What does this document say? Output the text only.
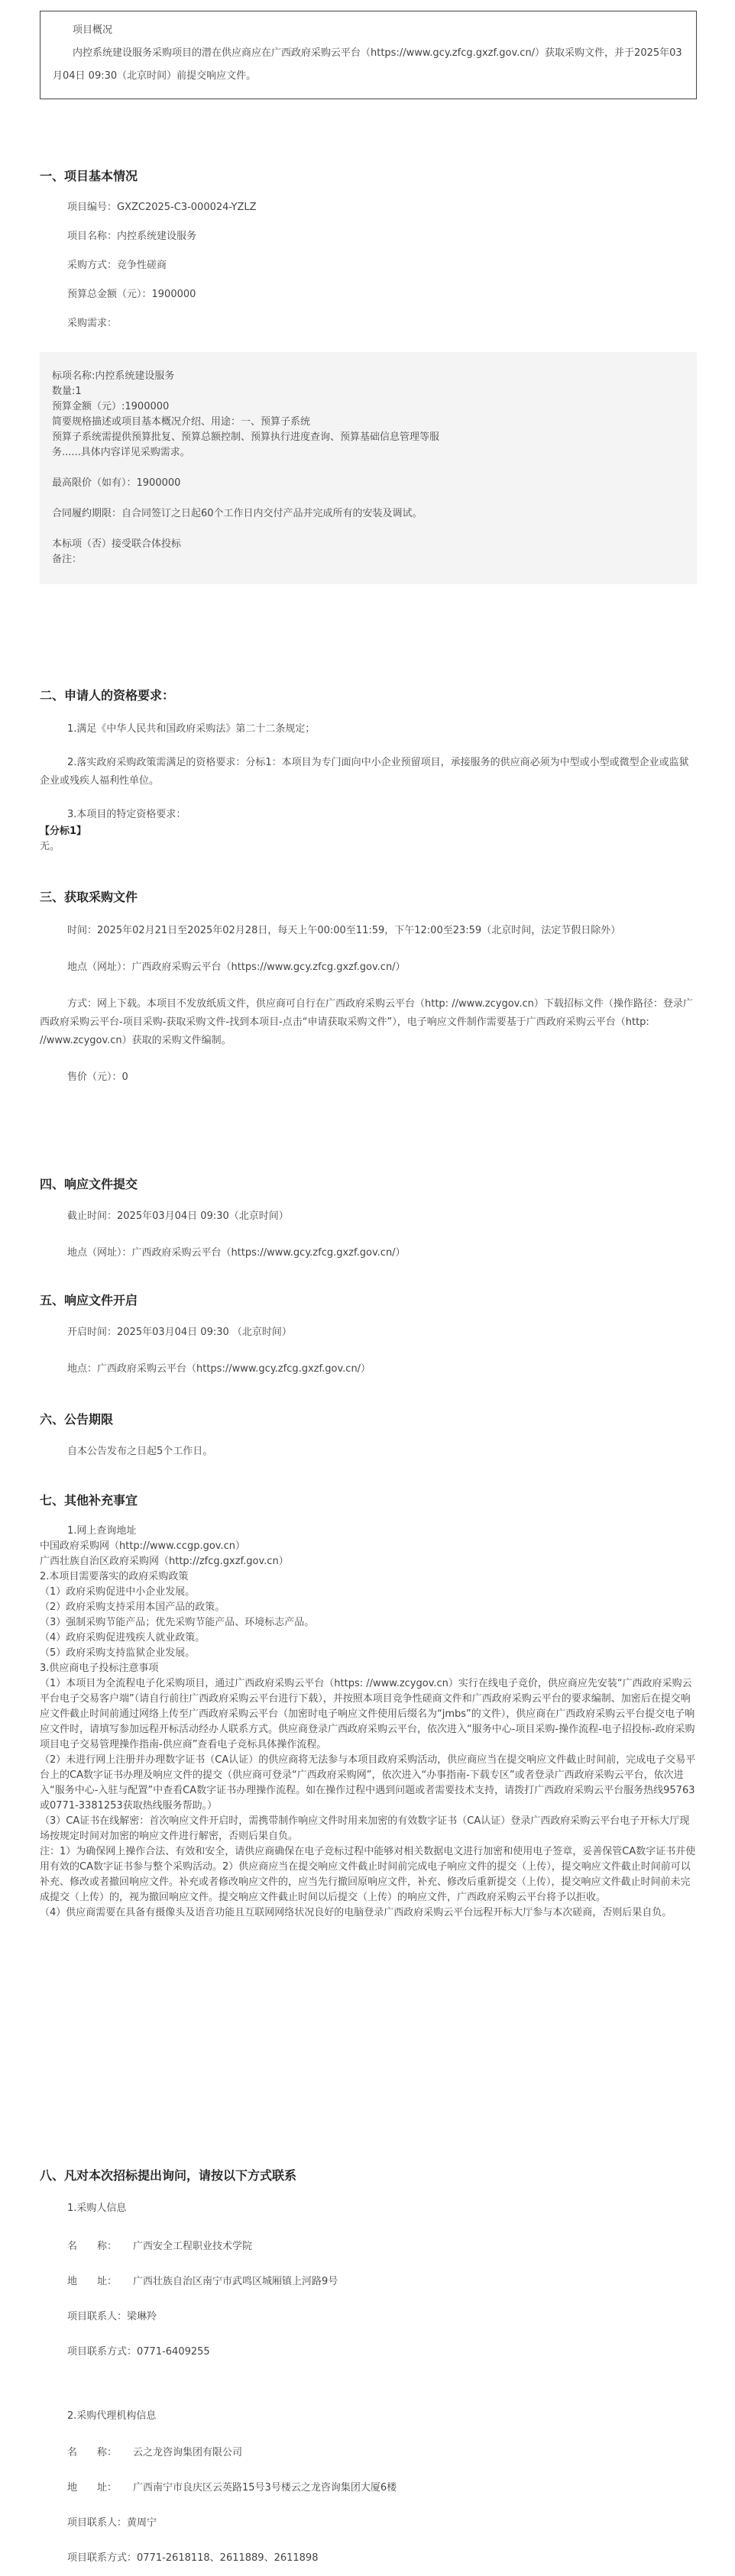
项目概况
内控系统建设服务采购项目的潜在供应商应在广西政府采购云平台（https://www.gcy.zfcg.gxzf.gov.cn/）获取采购文件，并于2025年03月04日 09:30（北京时间）前提交响应文件。
一、项目基本情况
项目编号：GXZC2025-C3-000024-YZLZ
项目名称：内控系统建设服务
采购方式：竞争性磋商
预算总金额（元）：1900000
采购需求：
标项名称:内控系统建设服务
数量:1
预算金额（元）:1900000
简要规格描述或项目基本概况介绍、用途：一、预算子系统
预算子系统需提供预算批复、预算总额控制、预算执行进度查询、预算基础信息管理等服
务......具体内容详见采购需求。
最高限价（如有）：1900000
合同履约期限：自合同签订之日起60个工作日内交付产品并完成所有的安装及调试。
本标项（否）接受联合体投标
备注：
二、申请人的资格要求：
1.满足《中华人民共和国政府采购法》第二十二条规定；
2.落实政府采购政策需满足的资格要求：分标1：本项目为专门面向中小企业预留项目，承接服务的供应商必须为中型或小型或微型企业或监狱企业或残疾人福利性单位。
3.本项目的特定资格要求：
【分标1】
无。
三、获取采购文件
时间：2025年02月21日至2025年02月28日，每天上午00:00至11:59，下午12:00至23:59（北京时间，法定节假日除外）
地点（网址）：广西政府采购云平台（https://www.gcy.zfcg.gxzf.gov.cn/）
方式：网上下载。本项目不发放纸质文件，供应商可自行在广西政府采购云平台（http: //www.zcygov.cn）下载招标文件（操作路径：登录广西政府采购云平台-项目采购-获取采购文件-找到本项目-点击“申请获取采购文件”），电子响应文件制作需要基于广西政府采购云平台（http: //www.zcygov.cn）获取的采购文件编制。
售价（元）：0
四、响应文件提交
截止时间：2025年03月04日 09:30（北京时间）
地点（网址）：广西政府采购云平台（https://www.gcy.zfcg.gxzf.gov.cn/）
五、响应文件开启
开启时间：2025年03月04日 09:30 （北京时间）
地点：广西政府采购云平台（https://www.gcy.zfcg.gxzf.gov.cn/）
六、公告期限
自本公告发布之日起5个工作日。
七、其他补充事宜
1.网上查询地址
中国政府采购网（http://www.ccgp.gov.cn）
广西壮族自治区政府采购网（http://zfcg.gxzf.gov.cn）
2.本项目需要落实的政府采购政策
（1）政府采购促进中小企业发展。
（2）政府采购支持采用本国产品的政策。
（3）强制采购节能产品；优先采购节能产品、环境标志产品。
（4）政府采购促进残疾人就业政策。
（5）政府采购支持监狱企业发展。
3.供应商电子投标注意事项
（1）本项目为全流程电子化采购项目，通过广西政府采购云平台（https: //www.zcygov.cn）实行在线电子竞价，供应商应先安装“广西政府采购云平台电子交易客户端”（请自行前往广西政府采购云平台进行下载），并按照本项目竞争性磋商文件和广西政府采购云平台的要求编制、加密后在提交响应文件截止时间前通过网络上传至广西政府采购云平台（加密时电子响应文件使用后缀名为“jmbs”的文件），供应商在广西政府采购云平台提交电子响应文件时，请填写参加远程开标活动经办人联系方式。供应商登录广西政府采购云平台，依次进入“服务中心-项目采购-操作流程-电子招投标-政府采购项目电子交易管理操作指南-供应商”查看电子竞标具体操作流程。
（2）未进行网上注册并办理数字证书（CA认证）的供应商将无法参与本项目政府采购活动，供应商应当在提交响应文件截止时间前，完成电子交易平台上的CA数字证书办理及响应文件的提交（供应商可登录“广西政府采购网”，依次进入“办事指南-下载专区”或者登录广西政府采购云平台，依次进入“服务中心-入驻与配置”中查看CA数字证书办理操作流程。如在操作过程中遇到问题或者需要技术支持，请拨打广西政府采购云平台服务热线95763或0771-3381253获取热线服务帮助。）
（3）CA证书在线解密：首次响应文件开启时，需携带制作响应文件时用来加密的有效数字证书（CA认证）登录广西政府采购云平台电子开标大厅现场按规定时间对加密的响应文件进行解密，否则后果自负。
注：1）为确保网上操作合法、有效和安全，请供应商确保在电子竞标过程中能够对相关数据电文进行加密和使用电子签章，妥善保管CA数字证书并使用有效的CA数字证书参与整个采购活动。2）供应商应当在提交响应文件截止时间前完成电子响应文件的提交（上传），提交响应文件截止时间前可以补充、修改或者撤回响应文件。补充或者修改响应文件的，应当先行撤回原响应文件，补充、修改后重新提交（上传），提交响应文件截止时间前未完成提交（上传）的，视为撤回响应文件。提交响应文件截止时间以后提交（上传）的响应文件，广西政府采购云平台将予以拒收。
（4）供应商需要在具备有摄像头及语音功能且互联网网络状况良好的电脑登录广西政府采购云平台远程开标大厅参与本次磋商，否则后果自负。
八、凡对本次招标提出询问，请按以下方式联系
1.采购人信息
名　　称：	广西安全工程职业技术学院
地　　址：	广西壮族自治区南宁市武鸣区城厢镇上河路9号
项目联系人：梁琳羚
项目联系方式：0771-6409255
2.采购代理机构信息
名　　称：	云之龙咨询集团有限公司
地　　址：	广西南宁市良庆区云英路15号3号楼云之龙咨询集团大厦6楼
项目联系人：黄周宁
项目联系方式：0771-2618118、2611889、2611898
